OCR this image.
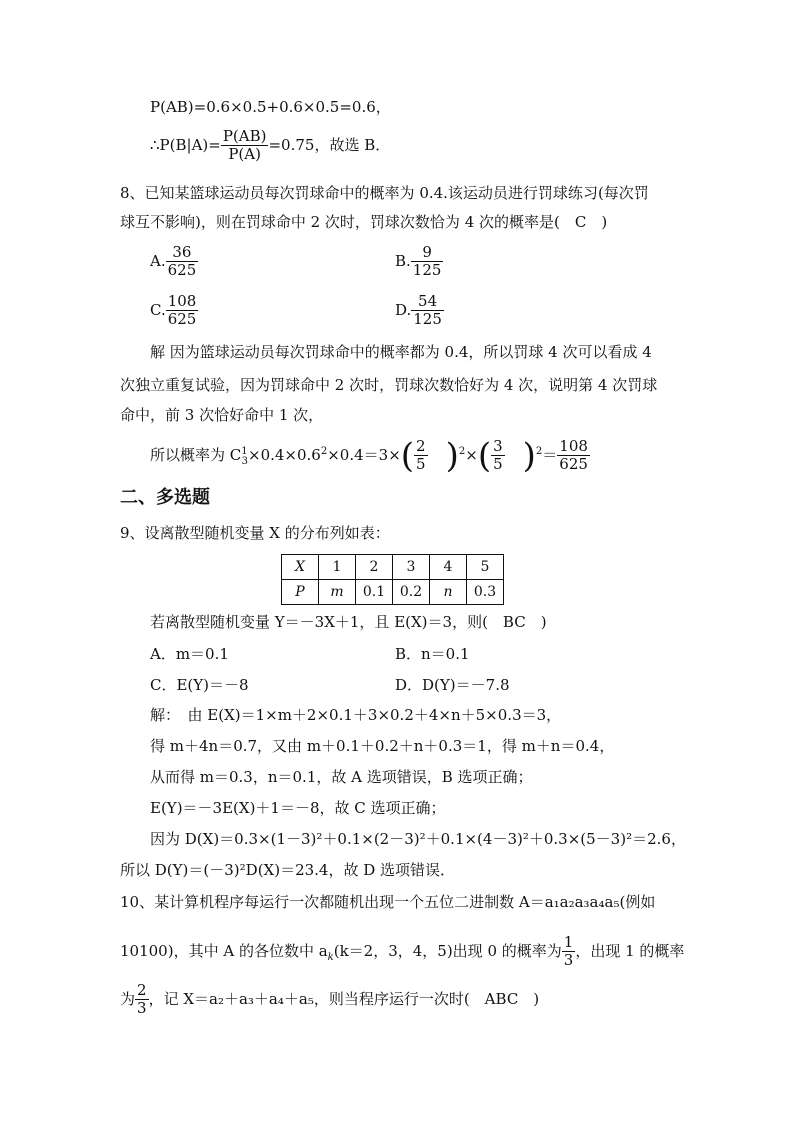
P(AB)=0.6×0.5+0.6×0.5=0.6，
∴P(B|A)= $\frac{P(AB)}{P(A)} =0.75$，故选 B．
8、已知某篮球运动员每次罚球命中的概率为 0.4.该运动员进行罚球练习(每次罚
球互不影响)，则在罚球命中 2 次时，罚球次数恰为 4 次的概率是(　C　)
A. $\frac{36}{625}$	B. $\frac{9}{125}$
C. $\frac{108}{625}$	D. $\frac{54}{125}$
解 因为篮球运动员每次罚球命中的概率都为 0.4，所以罚球 4 次可以看成 4
次独立重复试验，因为罚球命中 2 次时，罚球次数恰好为 4 次，说明第 4 次罚球
命中，前 3 次恰好命中 1 次，
所以概率为 $C^1_3\times 0.4\times 0.6^2\times 0.4=3\times( \frac{2}{5} )^2\times( \frac{3}{5} )^2= \frac{108}{625}$
二、多选题
9、设离散型随机变量 X 的分布列如表：
X	1	2	3	4	5
P	m	0.1	0.2	n	0.3
若离散型随机变量 Y＝－3X＋1，且 E(X)＝3，则(　BC　)
A．m＝0.1	B．n＝0.1
C．E(Y)＝－8	D．D(Y)＝－7.8
解：　由 E(X)＝1×m＋2×0.1＋3×0.2＋4×n＋5×0.3＝3，
得 m＋4n＝0.7，又由 m＋0.1＋0.2＋n＋0.3＝1，得 m＋n＝0.4，
从而得 m＝0.3，n＝0.1，故 A 选项错误，B 选项正确；
E(Y)＝－3E(X)＋1＝－8，故 C 选项正确；
因为 D(X)＝0.3×(1－3)²＋0.1×(2－3)²＋0.1×(4－3)²＋0.3×(5－3)²＝2.6，
所以 D(Y)＝(－3)²D(X)＝23.4，故 D 选项错误．
10、某计算机程序每运行一次都随机出现一个五位二进制数 A＝a₁a₂a₃a₄a₅(例如
10100)，其中 A 的各位数中 $a_k(k=2$，3，4，5)出现 0 的概率为 $\frac{1}{3}$ ，出现 1 的概率
为 $\frac{2}{3}$ ，记 X＝a₂＋a₃＋a₄＋a₅，则当程序运行一次时(　ABC　)
